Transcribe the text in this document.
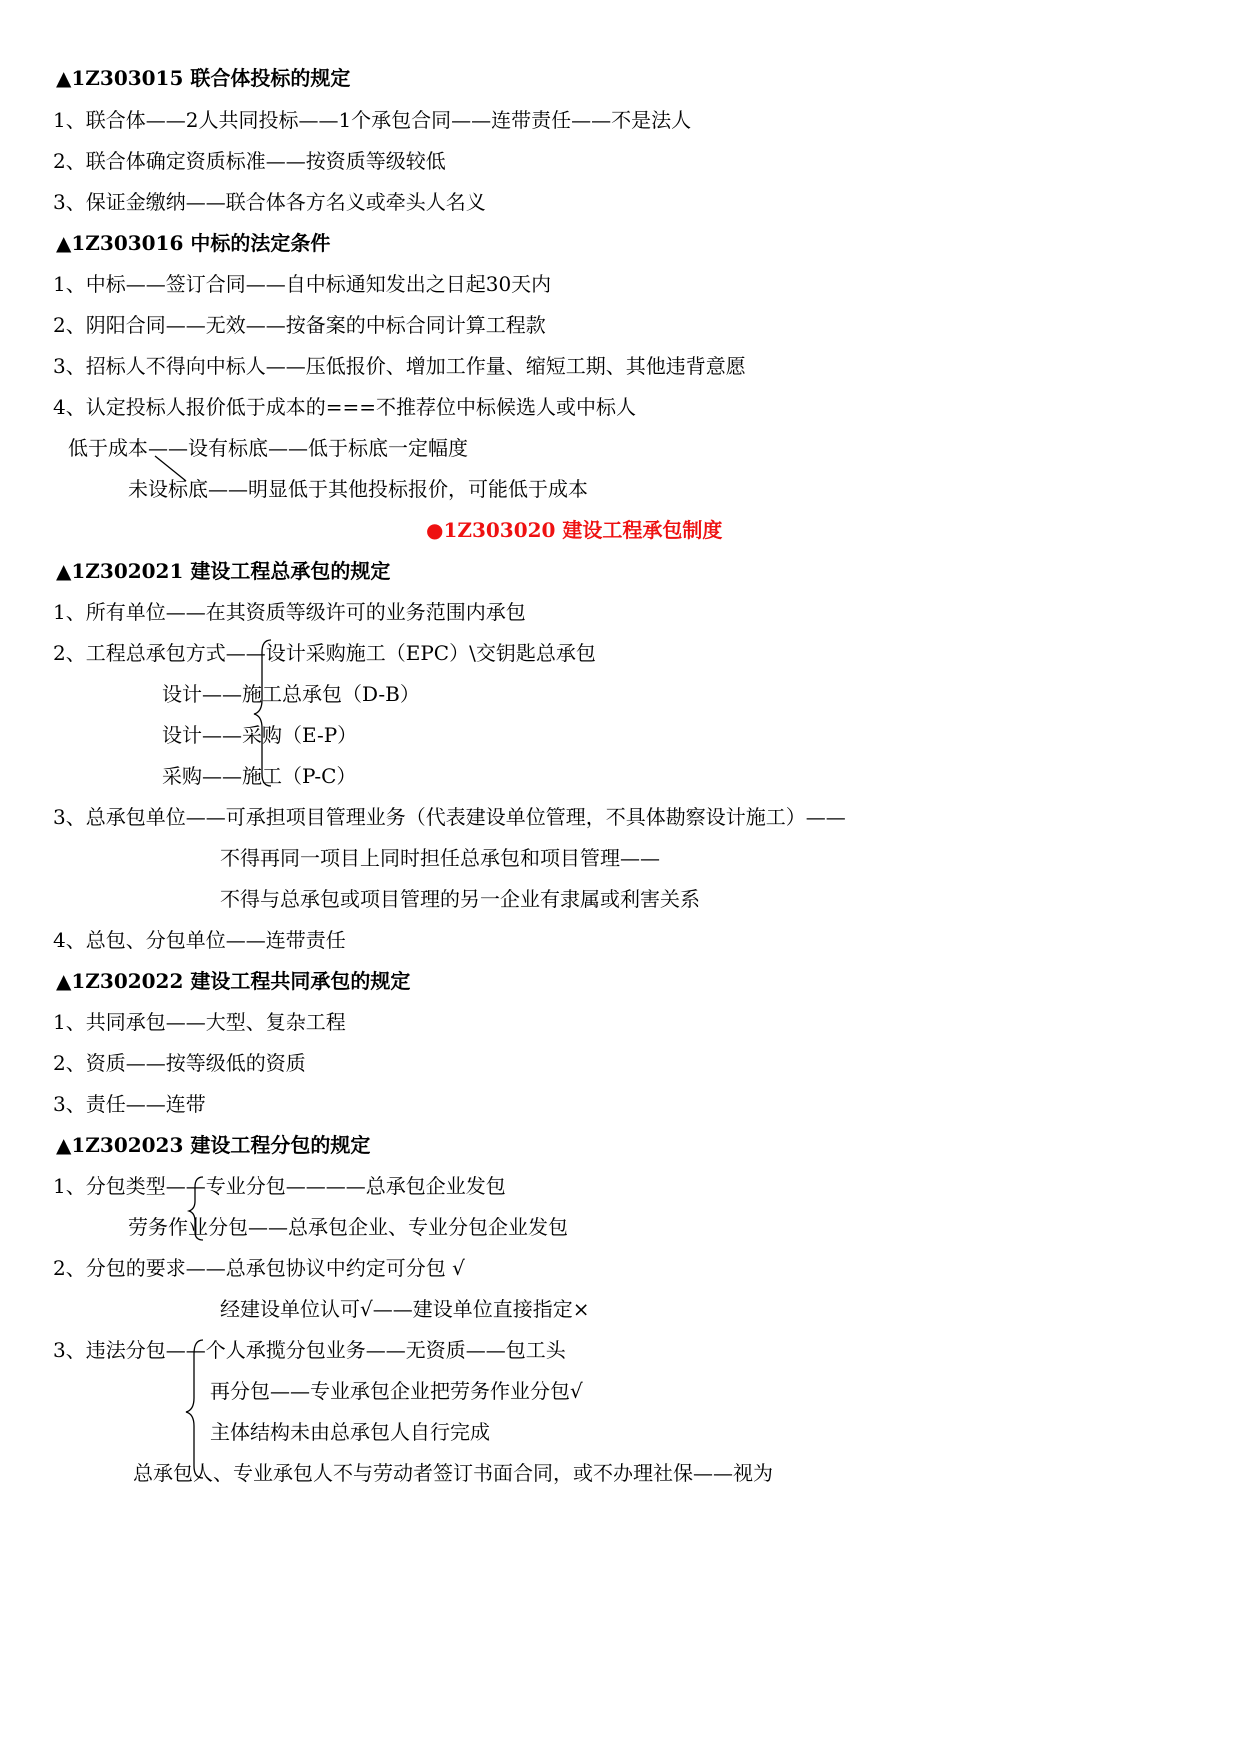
▲1Z303015 联合体投标的规定
1、联合体——2人共同投标——1个承包合同——连带责任——不是法人
2、联合体确定资质标准——按资质等级较低
3、保证金缴纳——联合体各方名义或牵头人名义
▲1Z303016 中标的法定条件
1、中标——签订合同——自中标通知发出之日起30天内
2、阴阳合同——无效——按备案的中标合同计算工程款
3、招标人不得向中标人——压低报价、增加工作量、缩短工期、其他违背意愿
4、认定投标人报价低于成本的===不推荐位中标候选人或中标人
低于成本——设有标底——低于标底一定幅度
未设标底——明显低于其他投标报价，可能低于成本
●1Z303020 建设工程承包制度
▲1Z302021 建设工程总承包的规定
1、所有单位——在其资质等级许可的业务范围内承包
2、工程总承包方式——设计采购施工（EPC）\交钥匙总承包
设计——施工总承包（D-B）
设计——采购（E-P）
采购——施工（P-C）
3、总承包单位——可承担项目管理业务（代表建设单位管理，不具体勘察设计施工）——
不得再同一项目上同时担任总承包和项目管理——
不得与总承包或项目管理的另一企业有隶属或利害关系
4、总包、分包单位——连带责任
▲1Z302022 建设工程共同承包的规定
1、共同承包——大型、复杂工程
2、资质——按等级低的资质
3、责任——连带
▲1Z302023 建设工程分包的规定
1、分包类型——专业分包————总承包企业发包
劳务作业分包——总承包企业、专业分包企业发包
2、分包的要求——总承包协议中约定可分包 √
经建设单位认可√——建设单位直接指定×
3、违法分包——个人承揽分包业务——无资质——包工头
再分包——专业承包企业把劳务作业分包√
主体结构未由总承包人自行完成
总承包人、专业承包人不与劳动者签订书面合同，或不办理社保——视为
